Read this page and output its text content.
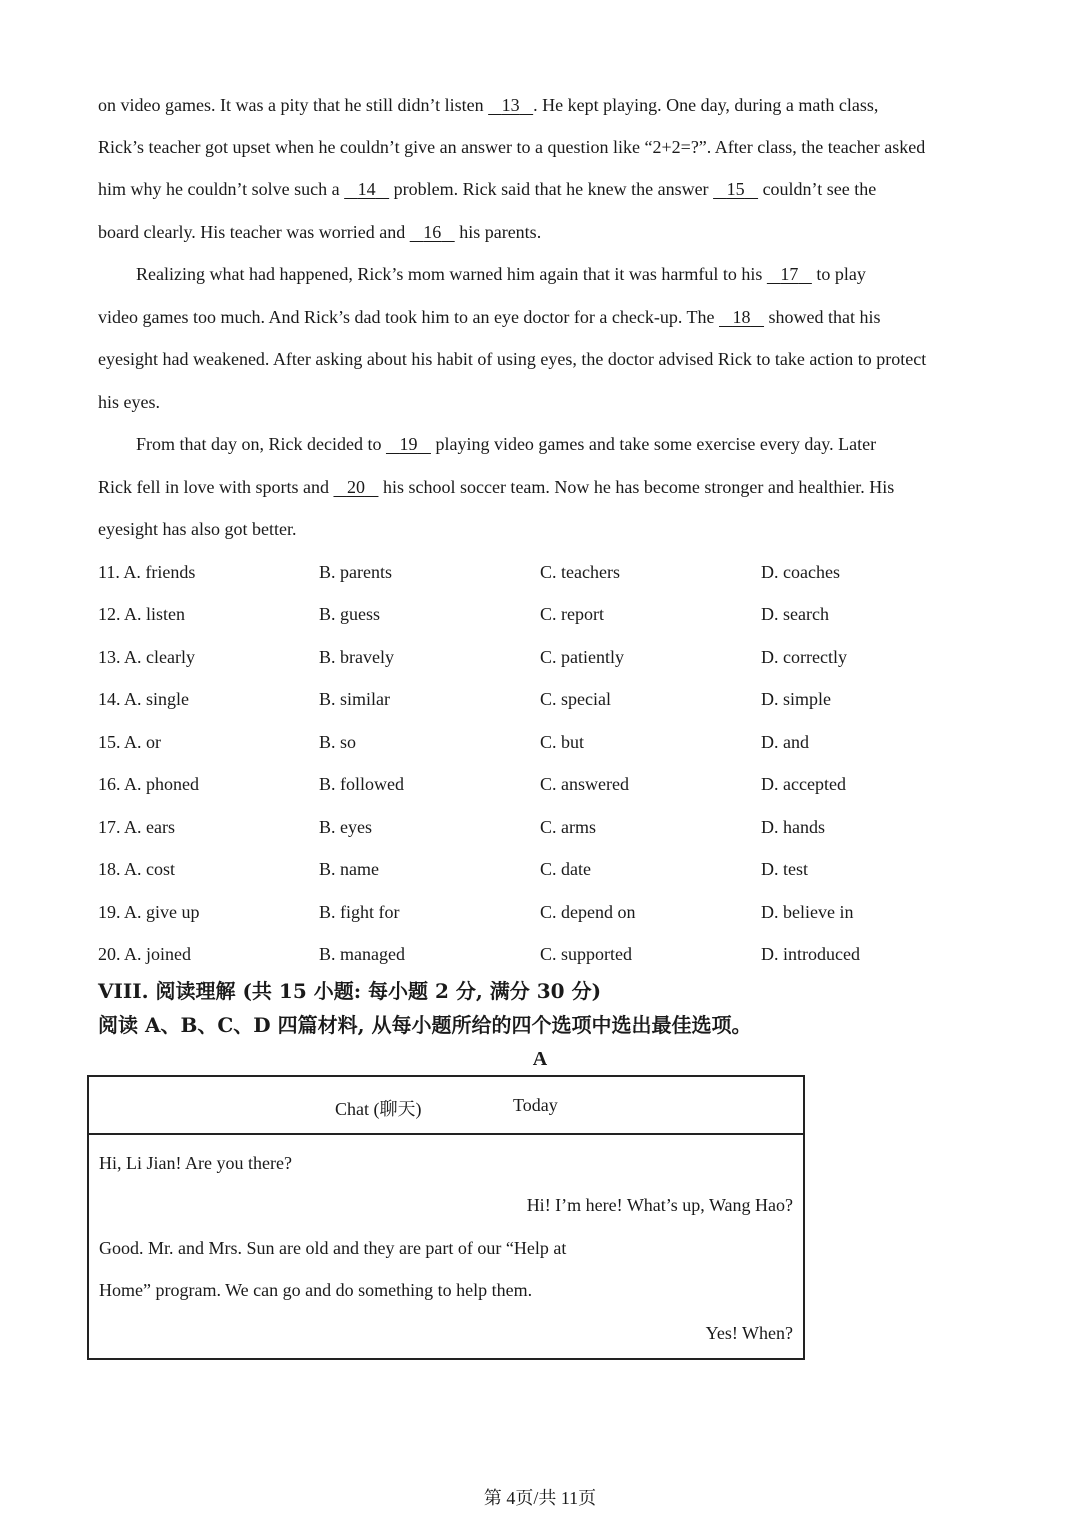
on video games. It was a pity that he still didn’t listen    13 . He kept playing. One day, during a math class,
Rick’s teacher got upset when he couldn’t give an answer to a question like “2+2=?”. After class, the teacher asked
him why he couldn’t solve such a    14    problem. Rick said that he knew the answer    15    couldn’t see the
board clearly. His teacher was worried and    16    his parents.
Realizing what had happened, Rick’s mom warned him again that it was harmful to his    17    to play
video games too much. And Rick’s dad took him to an eye doctor for a check-up. The    18    showed that his
eyesight had weakened. After asking about his habit of using eyes, the doctor advised Rick to take action to protect
his eyes.
From that day on, Rick decided to    19    playing video games and take some exercise every day. Later
Rick fell in love with sports and    20    his school soccer team. Now he has become stronger and healthier. His
eyesight has also got better.
11. A. friends	B. parents	C. teachers	D. coaches
12. A. listen	B. guess	C. report	D. search
13. A. clearly	B. bravely	C. patiently	D. correctly
14. A. single	B. similar	C. special	D. simple
15. A. or	B. so	C. but	D. and
16. A. phoned	B. followed	C. answered	D. accepted
17. A. ears	B. eyes	C. arms	D. hands
18. A. cost	B. name	C. date	D. test
19. A. give up	B. fight for	C. depend on	D. believe in
20. A. joined	B. managed	C. supported	D. introduced
VIII. 阅读理解 (共 15 小题: 每小题 2 分, 满分 30 分)
阅读 A、B、C、D 四篇材料, 从每小题所给的四个选项中选出最佳选项。
A
Chat (聊天)	Today
Hi, Li Jian! Are you there?
Hi! I’m here! What’s up, Wang Hao?
Good. Mr. and Mrs. Sun are old and they are part of our “Help at
Home” program. We can go and do something to help them.
Yes! When?
第 4页/共 11页
